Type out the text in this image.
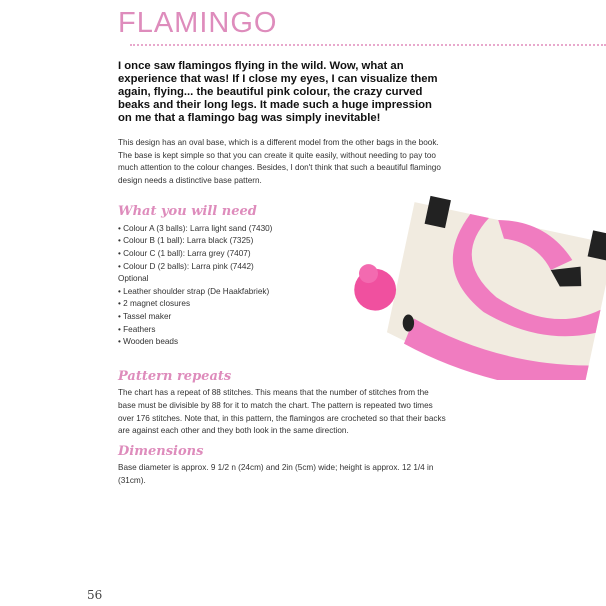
FLAMINGO
I once saw flamingos flying in the wild. Wow, what an experience that was! If I close my eyes, I can visualize them again, flying... the beautiful pink colour, the crazy curved beaks and their long legs. It made such a huge impression on me that a flamingo bag was simply inevitable!
This design has an oval base, which is a different model from the other bags in the book. The base is kept simple so that you can create it quite easily, without needing to pay too much attention to the colour changes. Besides, I don't think that such a beautiful flamingo design needs a distinctive base pattern.
What you will need
• Colour A (3 balls): Larra light sand (7430)
• Colour B (1 ball): Larra black (7325)
• Colour C (1 ball): Larra grey (7407)
• Colour D (2 balls): Larra pink (7442)
Optional
• Leather shoulder strap (De Haakfabriek)
• 2 magnet closures
• Tassel maker
• Feathers
• Wooden beads
Pattern repeats
The chart has a repeat of 88 stitches. This means that the number of stitches from the base must be divisible by 88 for it to match the chart. The pattern is repeated two times over 176 stitches. Note that, in this pattern, the flamingos are crocheted so that their backs are against each other and they both look in the same direction.
Dimensions
Base diameter is approx. 9 1/2 n (24cm) and 2in (5cm) wide; height is approx. 12 1/4 in (31cm).
56
